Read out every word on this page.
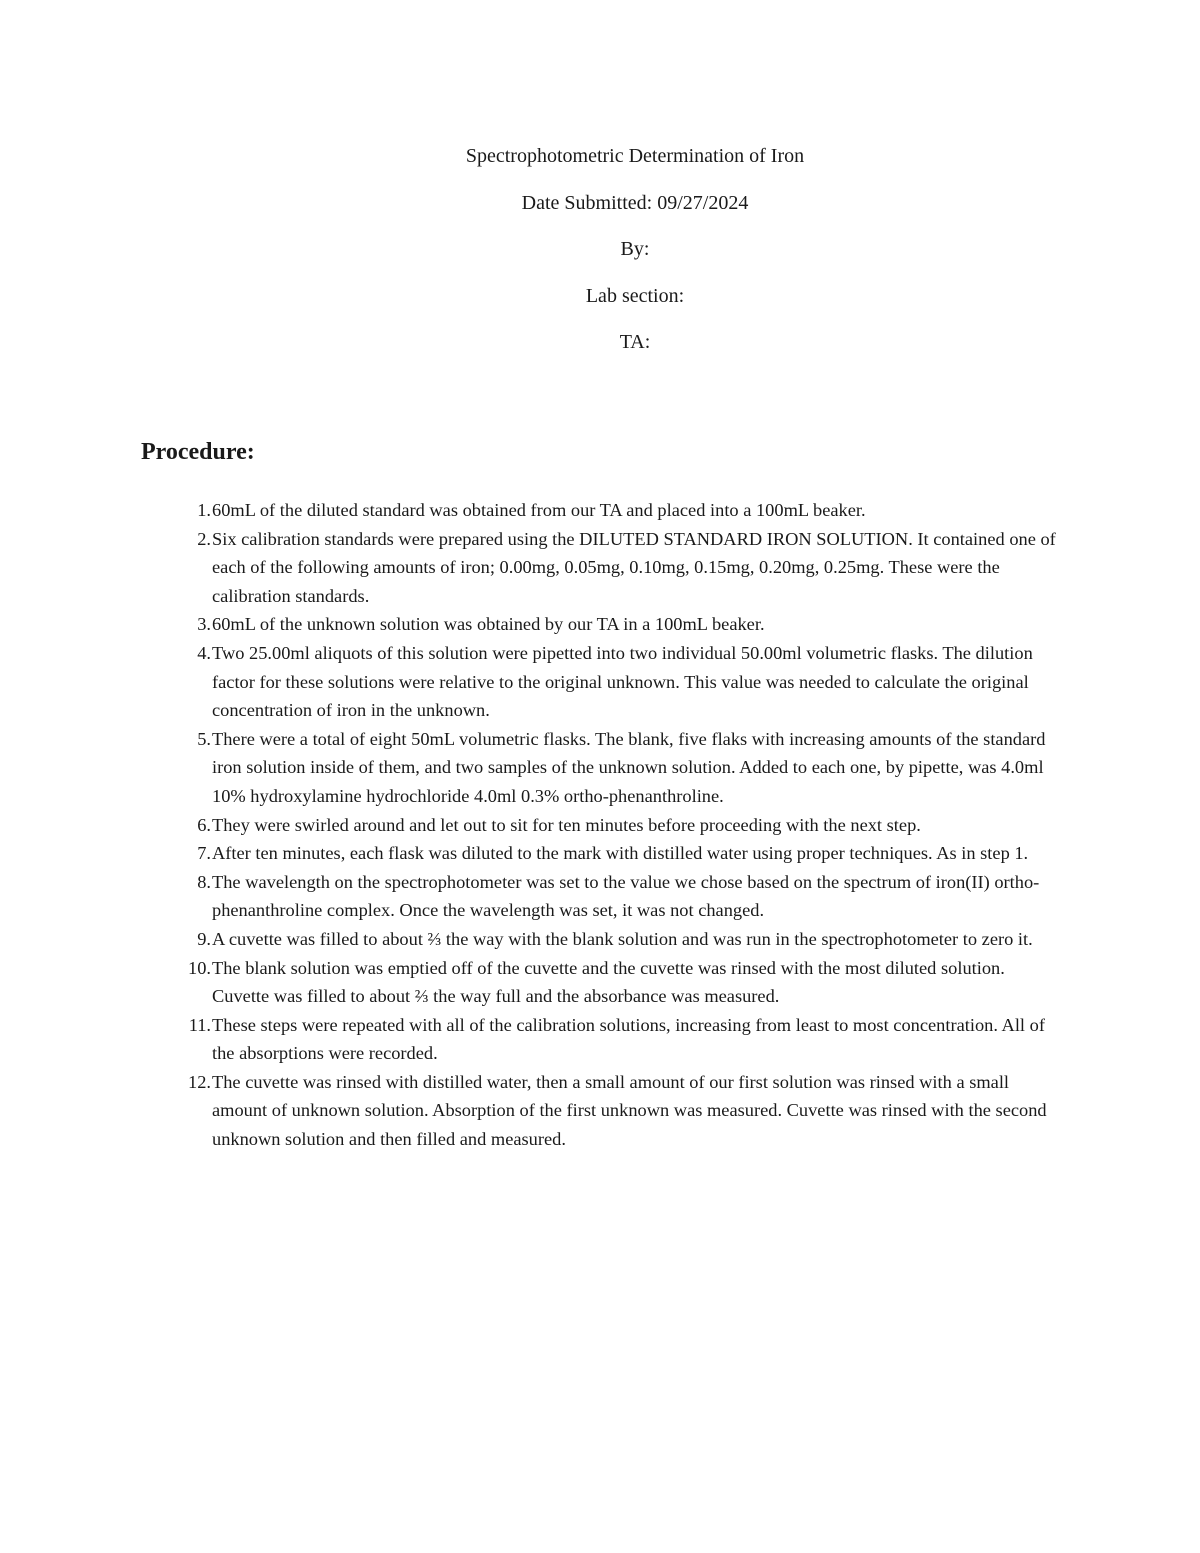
Spectrophotometric Determination of Iron
Date Submitted: 09/27/2024
By:
Lab section:
TA:
Procedure:
1. 60mL of the diluted standard was obtained from our TA and placed into a 100mL beaker.
2. Six calibration standards were prepared using the DILUTED STANDARD IRON SOLUTION. It contained one of each of the following amounts of iron; 0.00mg, 0.05mg, 0.10mg, 0.15mg, 0.20mg, 0.25mg. These were the calibration standards.
3. 60mL of the unknown solution was obtained by our TA in a 100mL beaker.
4. Two 25.00ml aliquots of this solution were pipetted into two individual 50.00ml volumetric flasks. The dilution factor for these solutions were relative to the original unknown. This value was needed to calculate the original concentration of iron in the unknown.
5. There were a total of eight 50mL volumetric flasks. The blank, five flaks with increasing amounts of the standard iron solution inside of them, and two samples of the unknown solution. Added to each one, by pipette, was 4.0ml 10% hydroxylamine hydrochloride 4.0ml 0.3% ortho-phenanthroline.
6. They were swirled around and let out to sit for ten minutes before proceeding with the next step.
7. After ten minutes, each flask was diluted to the mark with distilled water using proper techniques. As in step 1.
8. The wavelength on the spectrophotometer was set to the value we chose based on the spectrum of iron(II) ortho-phenanthroline complex. Once the wavelength was set, it was not changed.
9. A cuvette was filled to about ⅔ the way with the blank solution and was run in the spectrophotometer to zero it.
10. The blank solution was emptied off of the cuvette and the cuvette was rinsed with the most diluted solution. Cuvette was filled to about ⅔ the way full and the absorbance was measured.
11. These steps were repeated with all of the calibration solutions, increasing from least to most concentration. All of the absorptions were recorded.
12. The cuvette was rinsed with distilled water, then a small amount of our first solution was rinsed with a small amount of unknown solution. Absorption of the first unknown was measured. Cuvette was rinsed with the second unknown solution and then filled and measured.
